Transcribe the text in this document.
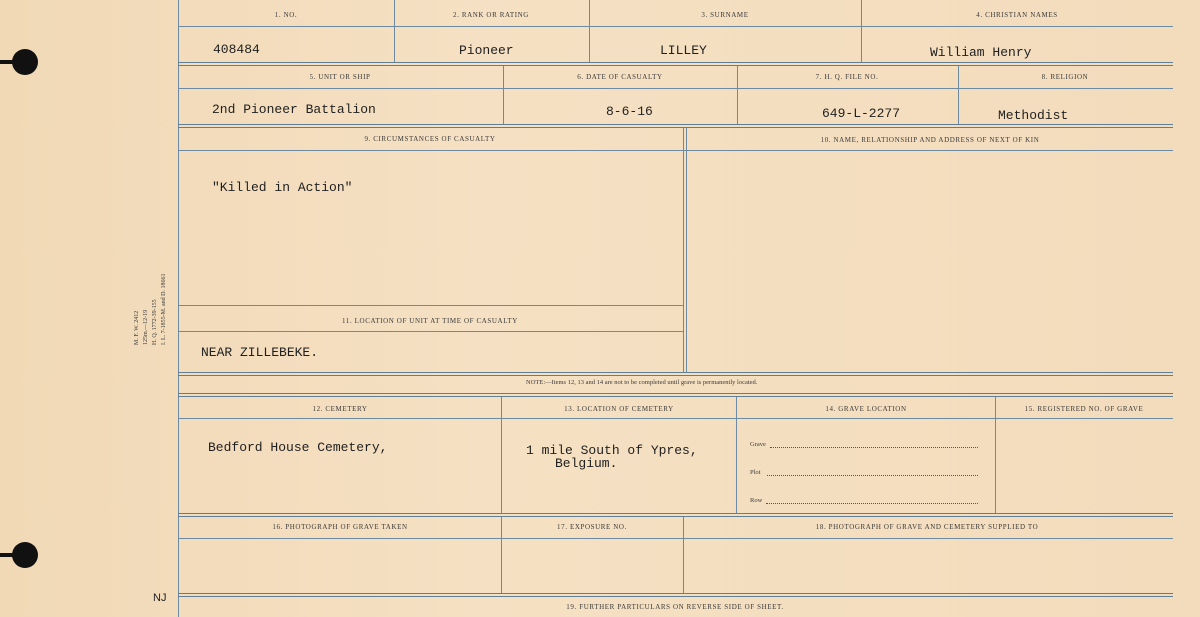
M. F. W. 2412 125m.—12-19 H. Q. 1772-39-155 I. L. 7-1855-M. and D. 18661
NJ
1. NO.	2. RANK OR RATING	3. SURNAME	4. CHRISTIAN NAMES
408484	Pioneer	LILLEY	William Henry
5. UNIT OR SHIP	6. DATE OF CASUALTY	7. H. Q. FILE NO.	8. RELIGION
2nd Pioneer Battalion	8-6-16	649-L-2277	Methodist
9. CIRCUMSTANCES OF CASUALTY	10. NAME, RELATIONSHIP AND ADDRESS OF NEXT OF KIN
"Killed in Action"
11. LOCATION OF UNIT AT TIME OF CASUALTY
NEAR ZILLEBEKE.
NOTE:—Items 12, 13 and 14 are not to be completed until grave is permanently located.
12. CEMETERY	13. LOCATION OF CEMETERY	14. GRAVE LOCATION	15. REGISTERED NO. OF GRAVE
Bedford House Cemetery,	1 mile South of Ypres,
Belgium.
Grave
Plot
Row
16. PHOTOGRAPH OF GRAVE TAKEN	17. EXPOSURE NO.	18. PHOTOGRAPH OF GRAVE AND CEMETERY SUPPLIED TO
19. FURTHER PARTICULARS ON REVERSE SIDE OF SHEET.
